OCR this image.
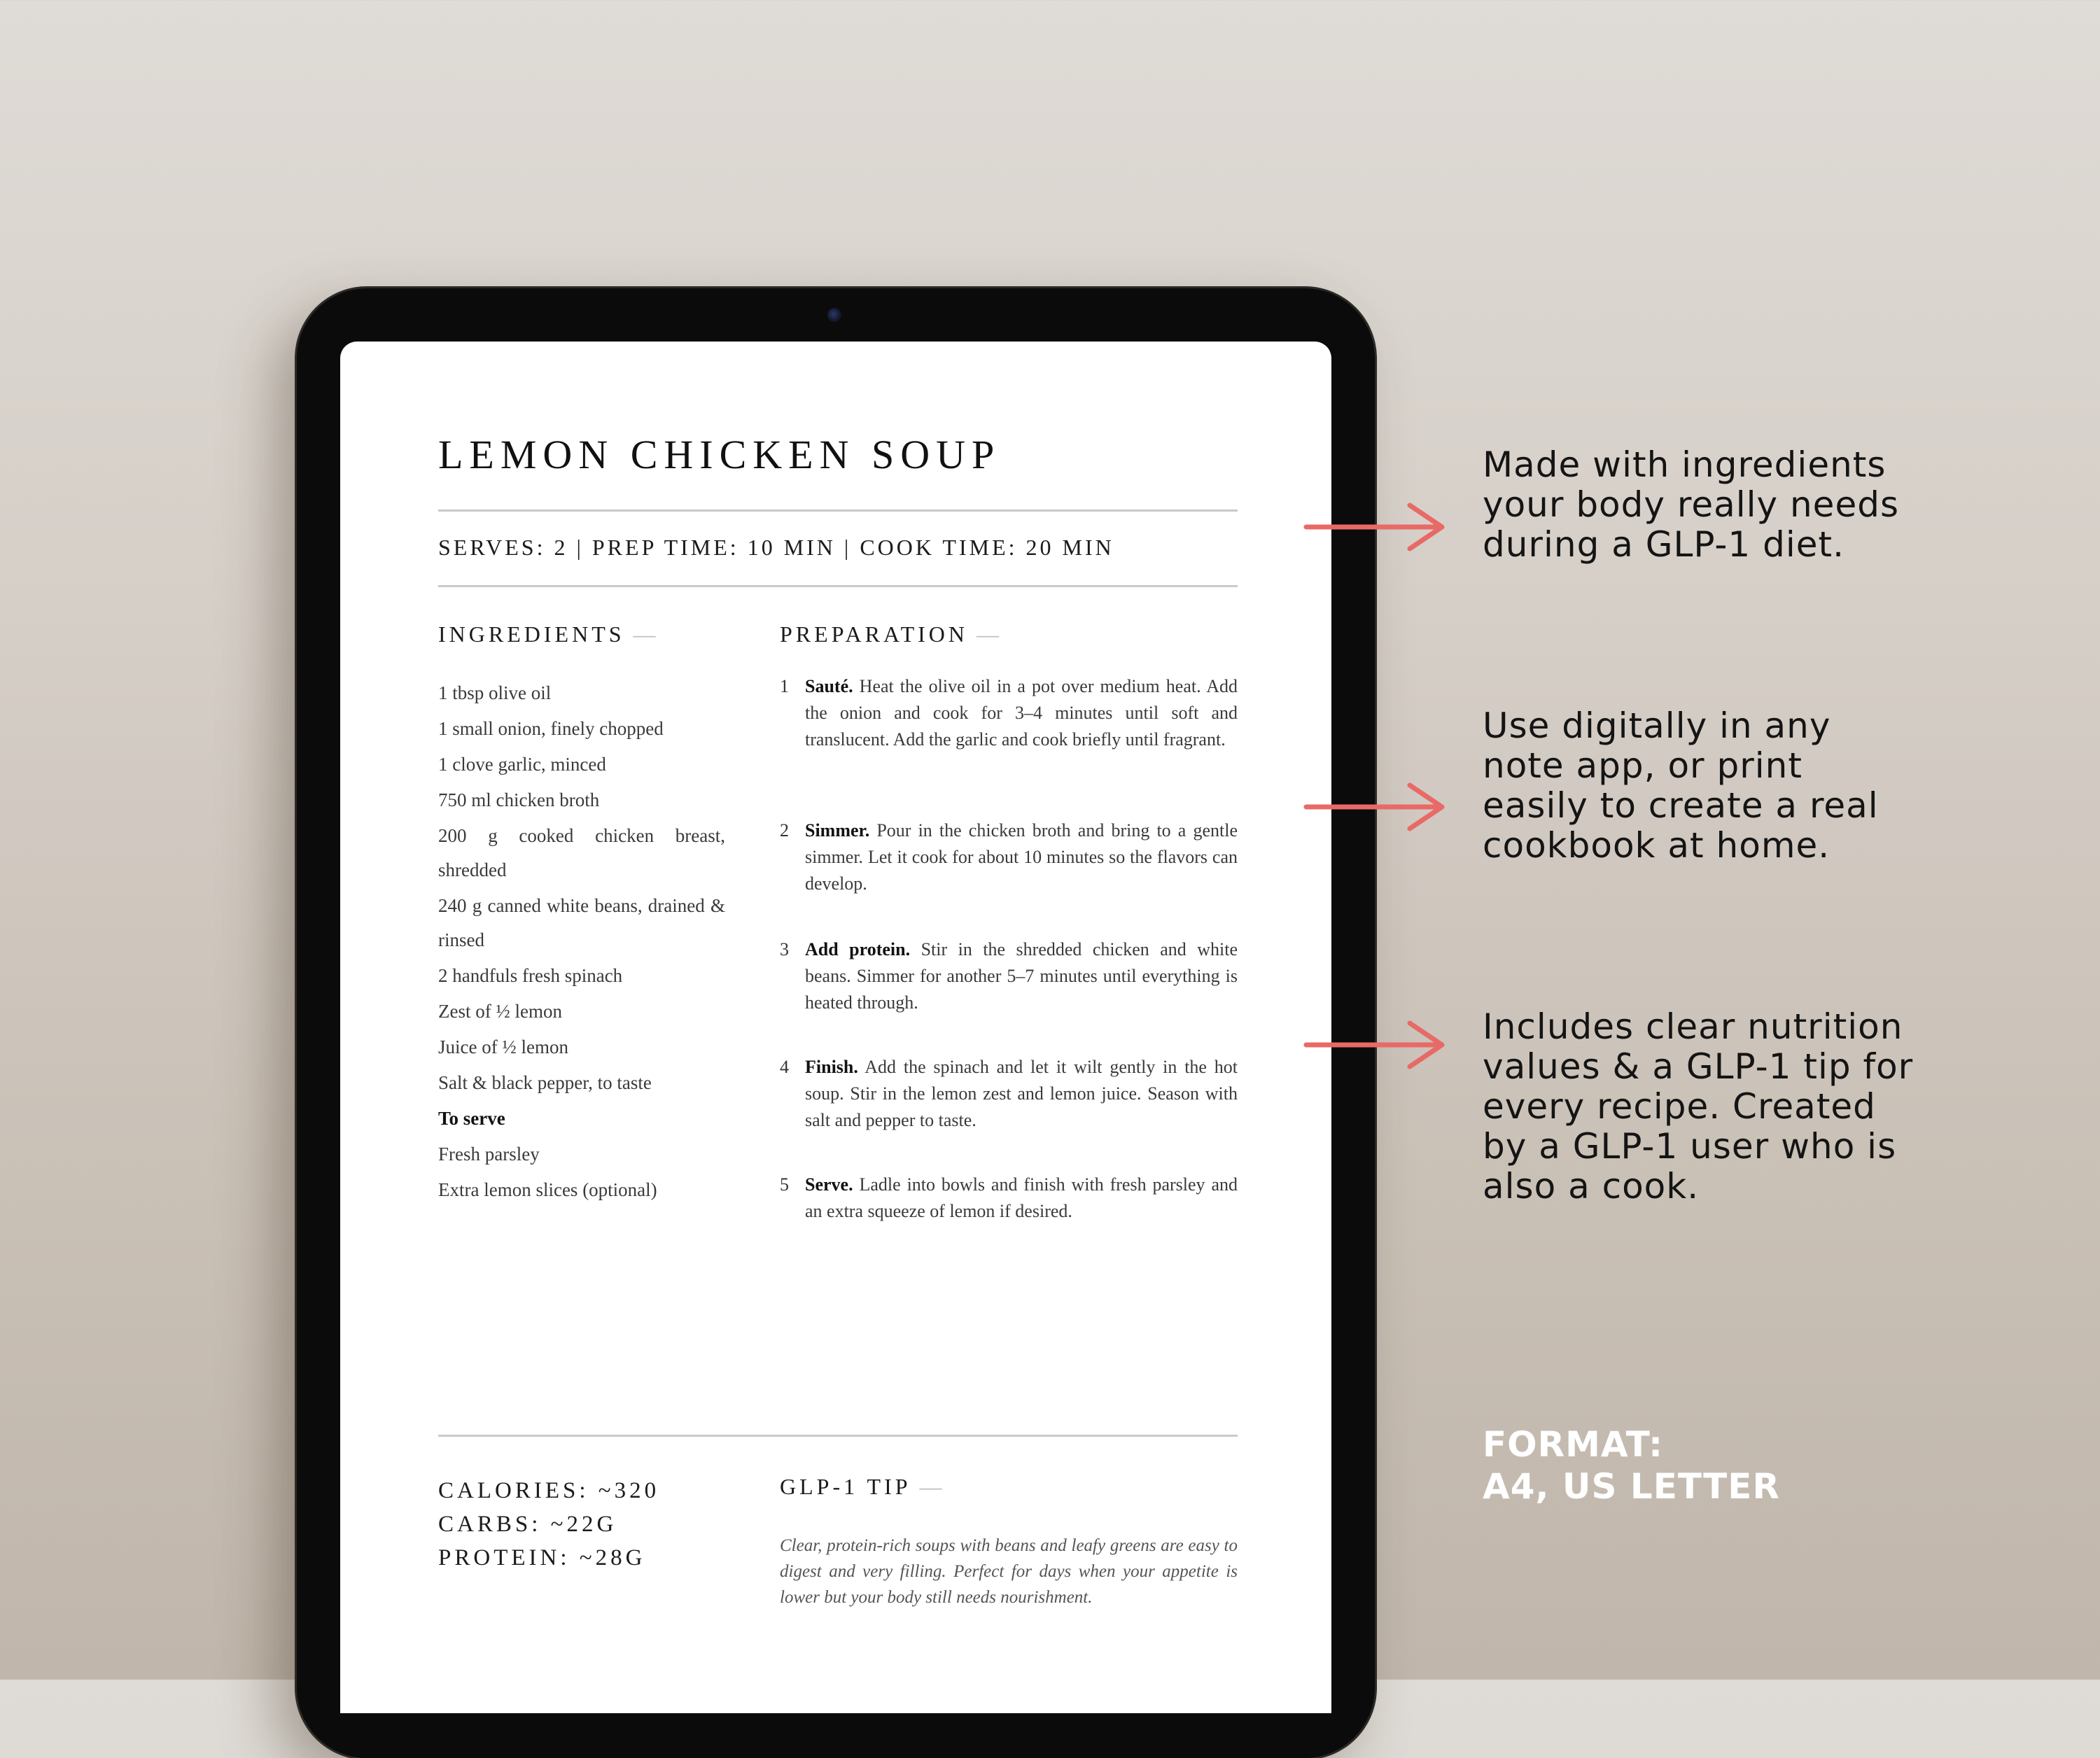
LEMON CHICKEN SOUP
SERVES: 2 | PREP TIME: 10 MIN | COOK TIME: 20 MIN
INGREDIENTS —	PREPARATION —
1 tbsp olive oil
1 small onion, finely chopped
1 clove garlic, minced
750 ml chicken broth
200 g cooked chicken breast, shredded
240 g canned white beans, drained & rinsed
2 handfuls fresh spinach
Zest of ½ lemon
Juice of ½ lemon
Salt & black pepper, to taste
To serve
Fresh parsley
Extra lemon slices (optional)
1 Sauté. Heat the olive oil in a pot over medium heat. Add the onion and cook for 3–4 minutes until soft and translucent. Add the garlic and cook briefly until fragrant.
2 Simmer. Pour in the chicken broth and bring to a gentle simmer. Let it cook for about 10 minutes so the flavors can develop.
3 Add protein. Stir in the shredded chicken and white beans. Simmer for another 5–7 minutes until everything is heated through.
4 Finish. Add the spinach and let it wilt gently in the hot soup. Stir in the lemon zest and lemon juice. Season with salt and pepper to taste.
5 Serve. Ladle into bowls and finish with fresh parsley and an extra squeeze of lemon if desired.
CALORIES: ~320
CARBS: ~22G
PROTEIN: ~28G
GLP-1 TIP —
Clear, protein-rich soups with beans and leafy greens are easy to digest and very filling. Perfect for days when your appetite is lower but your body still needs nourishment.
Made with ingredients your body really needs during a GLP-1 diet.
Use digitally in any note app, or print easily to create a real cookbook at home.
Includes clear nutrition values & a GLP-1 tip for every recipe. Created by a GLP-1 user who is also a cook.
FORMAT:
A4, US LETTER
